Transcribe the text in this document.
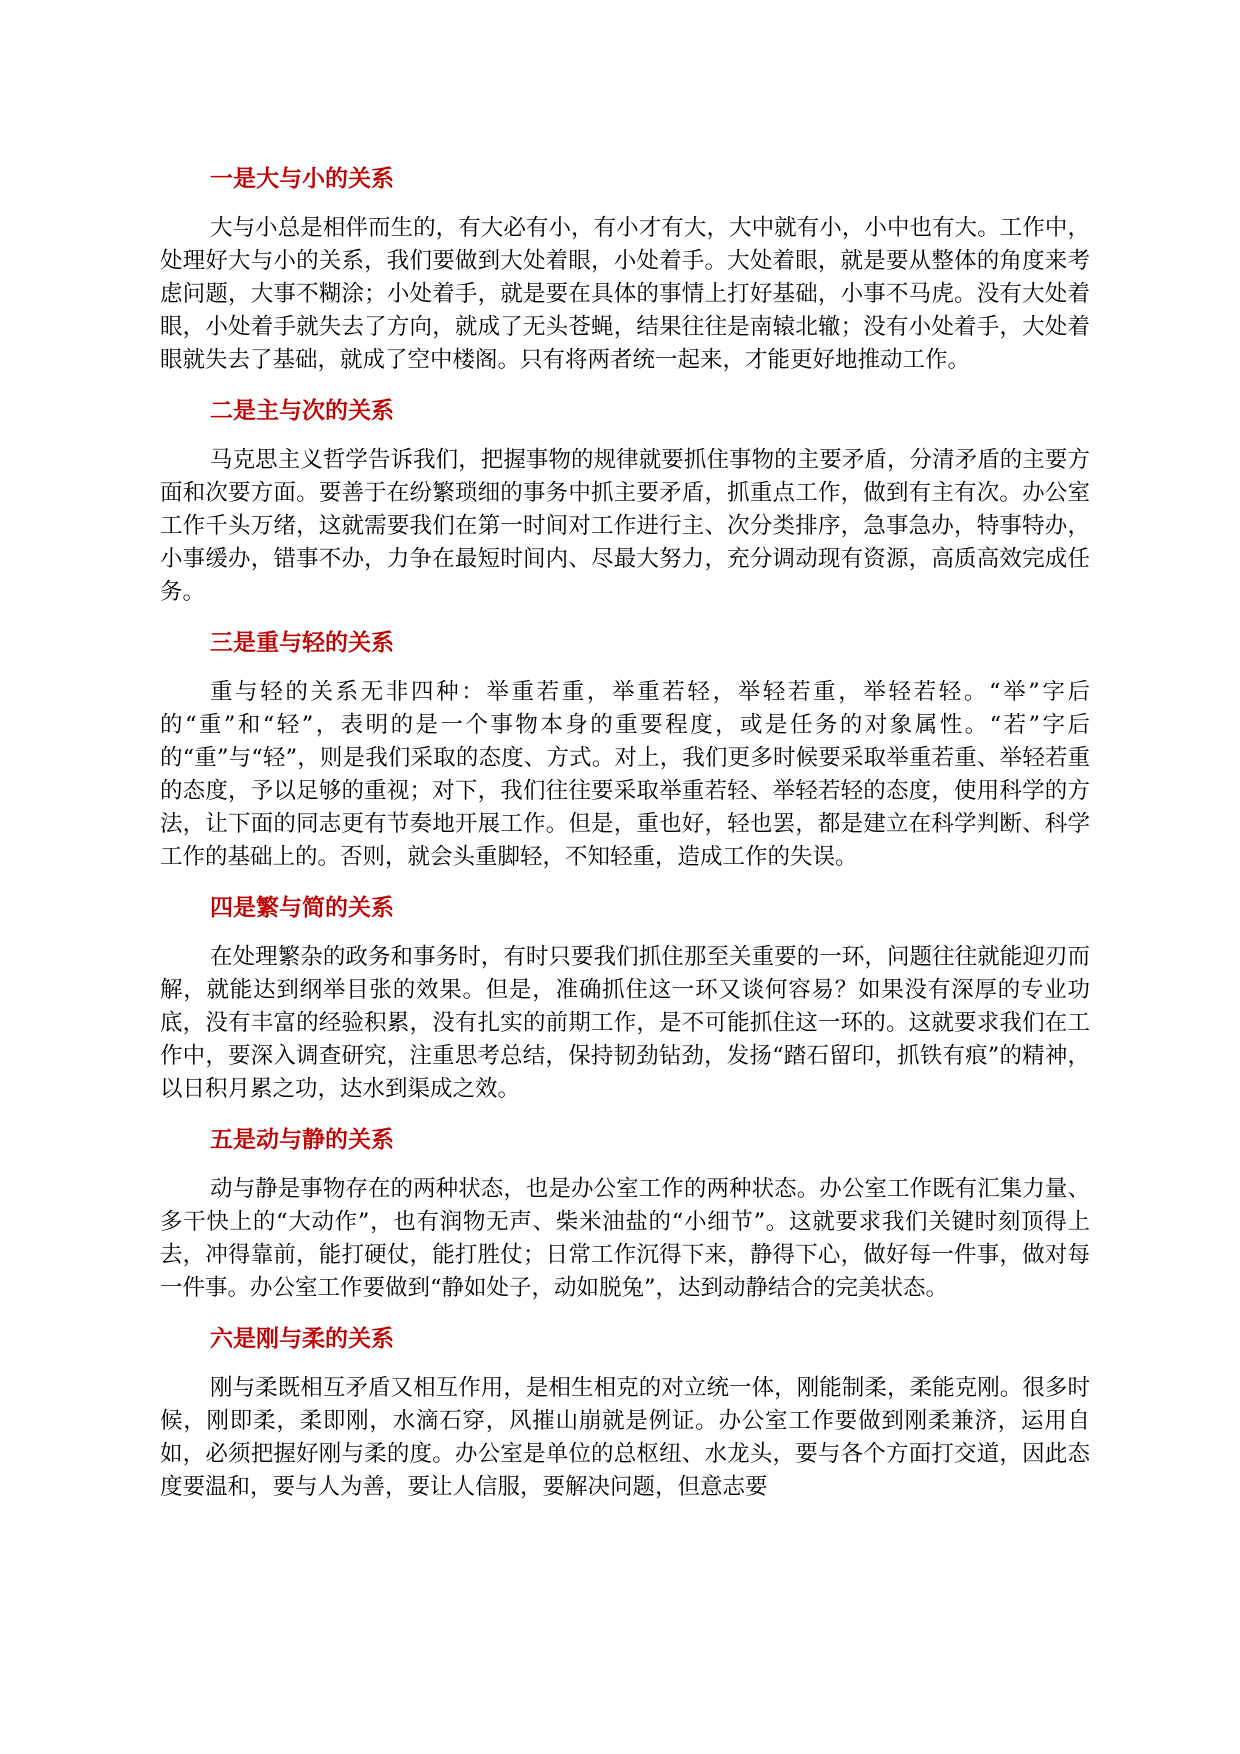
一是大与小的关系

大与小总是相伴而生的，有大必有小，有小才有大，大中就有小，小中也有大。工作中，处理好大与小的关系，我们要做到大处着眼，小处着手。大处着眼，就是要从整体的角度来考虑问题，大事不糊涂；小处着手，就是要在具体的事情上打好基础，小事不马虎。没有大处着眼，小处着手就失去了方向，就成了无头苍蝇，结果往往是南辕北辙；没有小处着手，大处着眼就失去了基础，就成了空中楼阁。只有将两者统一起来，才能更好地推动工作。

二是主与次的关系

马克思主义哲学告诉我们，把握事物的规律就要抓住事物的主要矛盾，分清矛盾的主要方面和次要方面。要善于在纷繁琐细的事务中抓主要矛盾，抓重点工作，做到有主有次。办公室工作千头万绪，这就需要我们在第一时间对工作进行主、次分类排序，急事急办，特事特办，小事缓办，错事不办，力争在最短时间内、尽最大努力，充分调动现有资源，高质高效完成任务。

三是重与轻的关系

重与轻的关系无非四种：举重若重，举重若轻，举轻若重，举轻若轻。“举”字后的“重”和“轻”，表明的是一个事物本身的重要程度，或是任务的对象属性。“若”字后的“重”与“轻”，则是我们采取的态度、方式。对上，我们更多时候要采取举重若重、举轻若重的态度，予以足够的重视；对下，我们往往要采取举重若轻、举轻若轻的态度，使用科学的方法，让下面的同志更有节奏地开展工作。但是，重也好，轻也罢，都是建立在科学判断、科学工作的基础上的。否则，就会头重脚轻，不知轻重，造成工作的失误。

四是繁与简的关系

在处理繁杂的政务和事务时，有时只要我们抓住那至关重要的一环，问题往往就能迎刃而解，就能达到纲举目张的效果。但是，准确抓住这一环又谈何容易？如果没有深厚的专业功底，没有丰富的经验积累，没有扎实的前期工作，是不可能抓住这一环的。这就要求我们在工作中，要深入调查研究，注重思考总结，保持韧劲钻劲，发扬“踏石留印，抓铁有痕”的精神，以日积月累之功，达水到渠成之效。

五是动与静的关系

动与静是事物存在的两种状态，也是办公室工作的两种状态。办公室工作既有汇集力量、多干快上的“大动作”，也有润物无声、柴米油盐的“小细节”。这就要求我们关键时刻顶得上去，冲得靠前，能打硬仗，能打胜仗；日常工作沉得下来，静得下心，做好每一件事，做对每一件事。办公室工作要做到“静如处子，动如脱兔”，达到动静结合的完美状态。

六是刚与柔的关系

刚与柔既相互矛盾又相互作用，是相生相克的对立统一体，刚能制柔，柔能克刚。很多时候，刚即柔，柔即刚，水滴石穿，风摧山崩就是例证。办公室工作要做到刚柔兼济，运用自如，必须把握好刚与柔的度。办公室是单位的总枢纽、水龙头，要与各个方面打交道，因此态度要温和，要与人为善，要让人信服，要解决问题，但意志要
